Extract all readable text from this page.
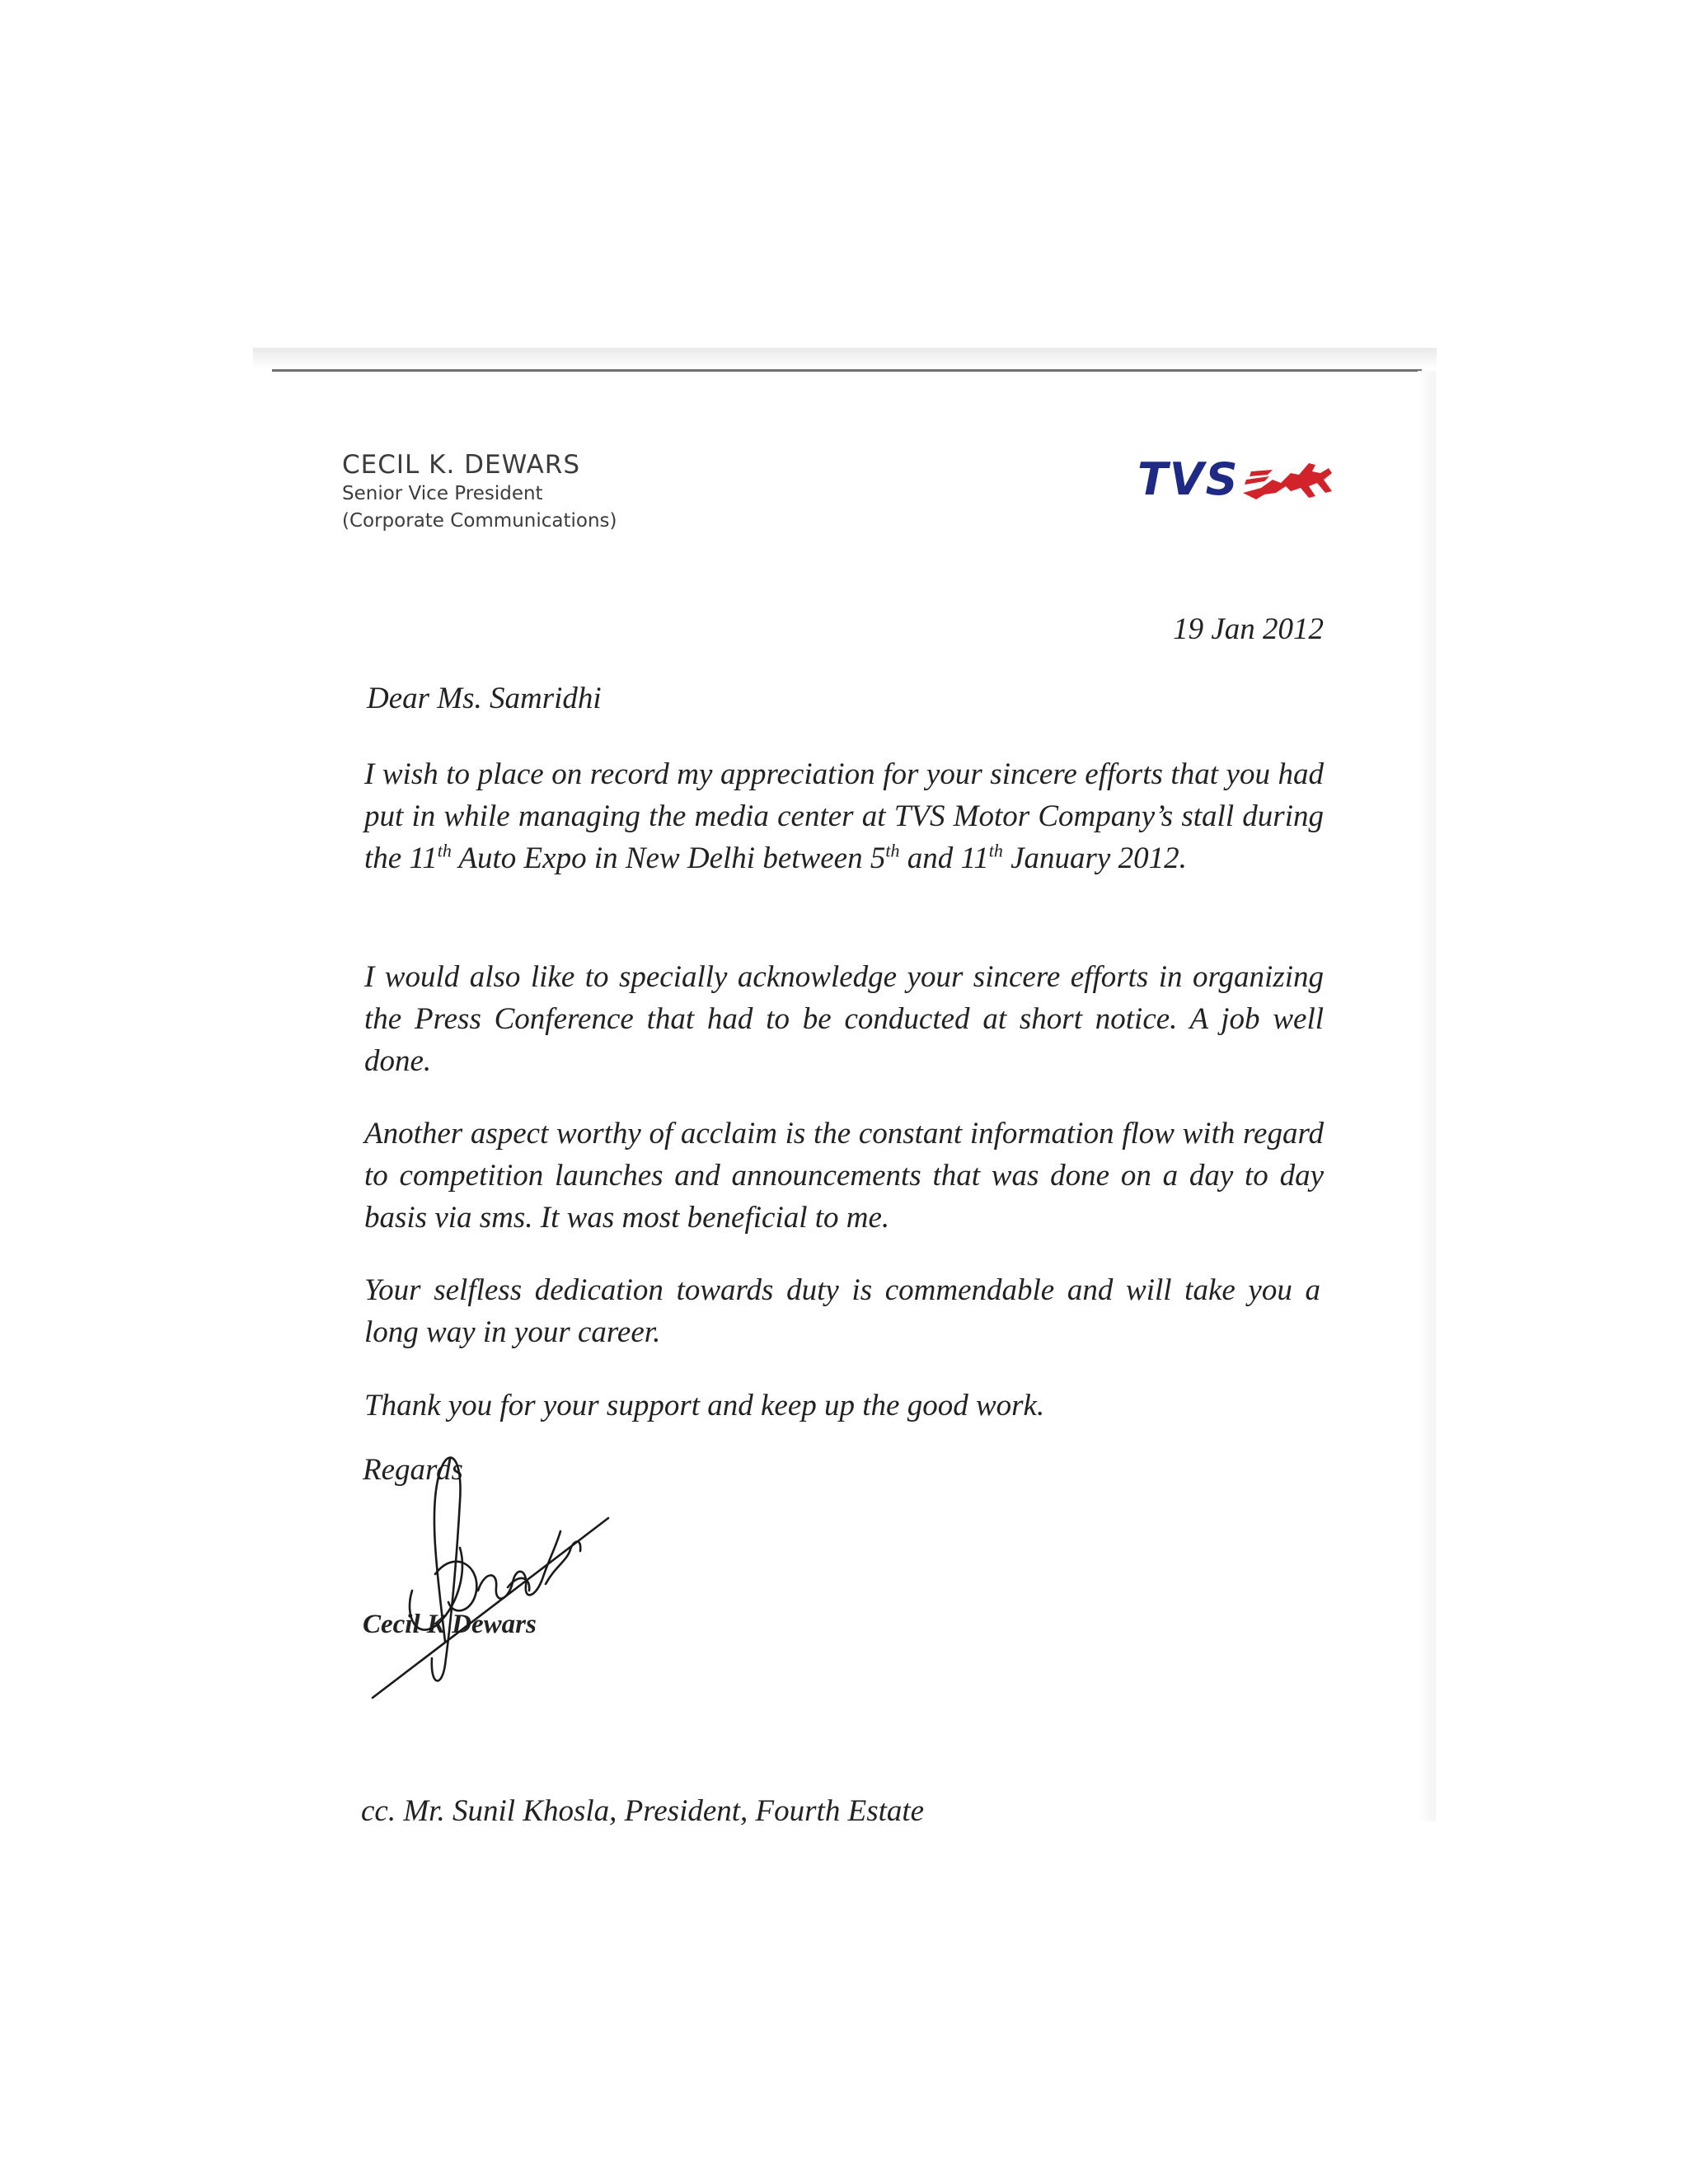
CECIL K. DEWARS
Senior Vice President
(Corporate Communications)
TVS
19 Jan 2012
Dear Ms. Samridhi
I wish to place on record my appreciation for your sincere efforts that you had put in while managing the media center at TVS Motor Company’s stall during the 11th Auto Expo in New Delhi between 5th and 11th January 2012.
I would also like to specially acknowledge your sincere efforts in organizing the Press Conference that had to be conducted at short notice. A job well done.
Another aspect worthy of acclaim is the constant information flow with regard to competition launches and announcements that was done on a day to day basis via sms. It was most beneficial to me.
Your selfless dedication towards duty is commendable and will take you a long way in your career.
Thank you for your support and keep up the good work.
Regards
Cecil K Dewars
cc. Mr. Sunil Khosla, President, Fourth Estate
